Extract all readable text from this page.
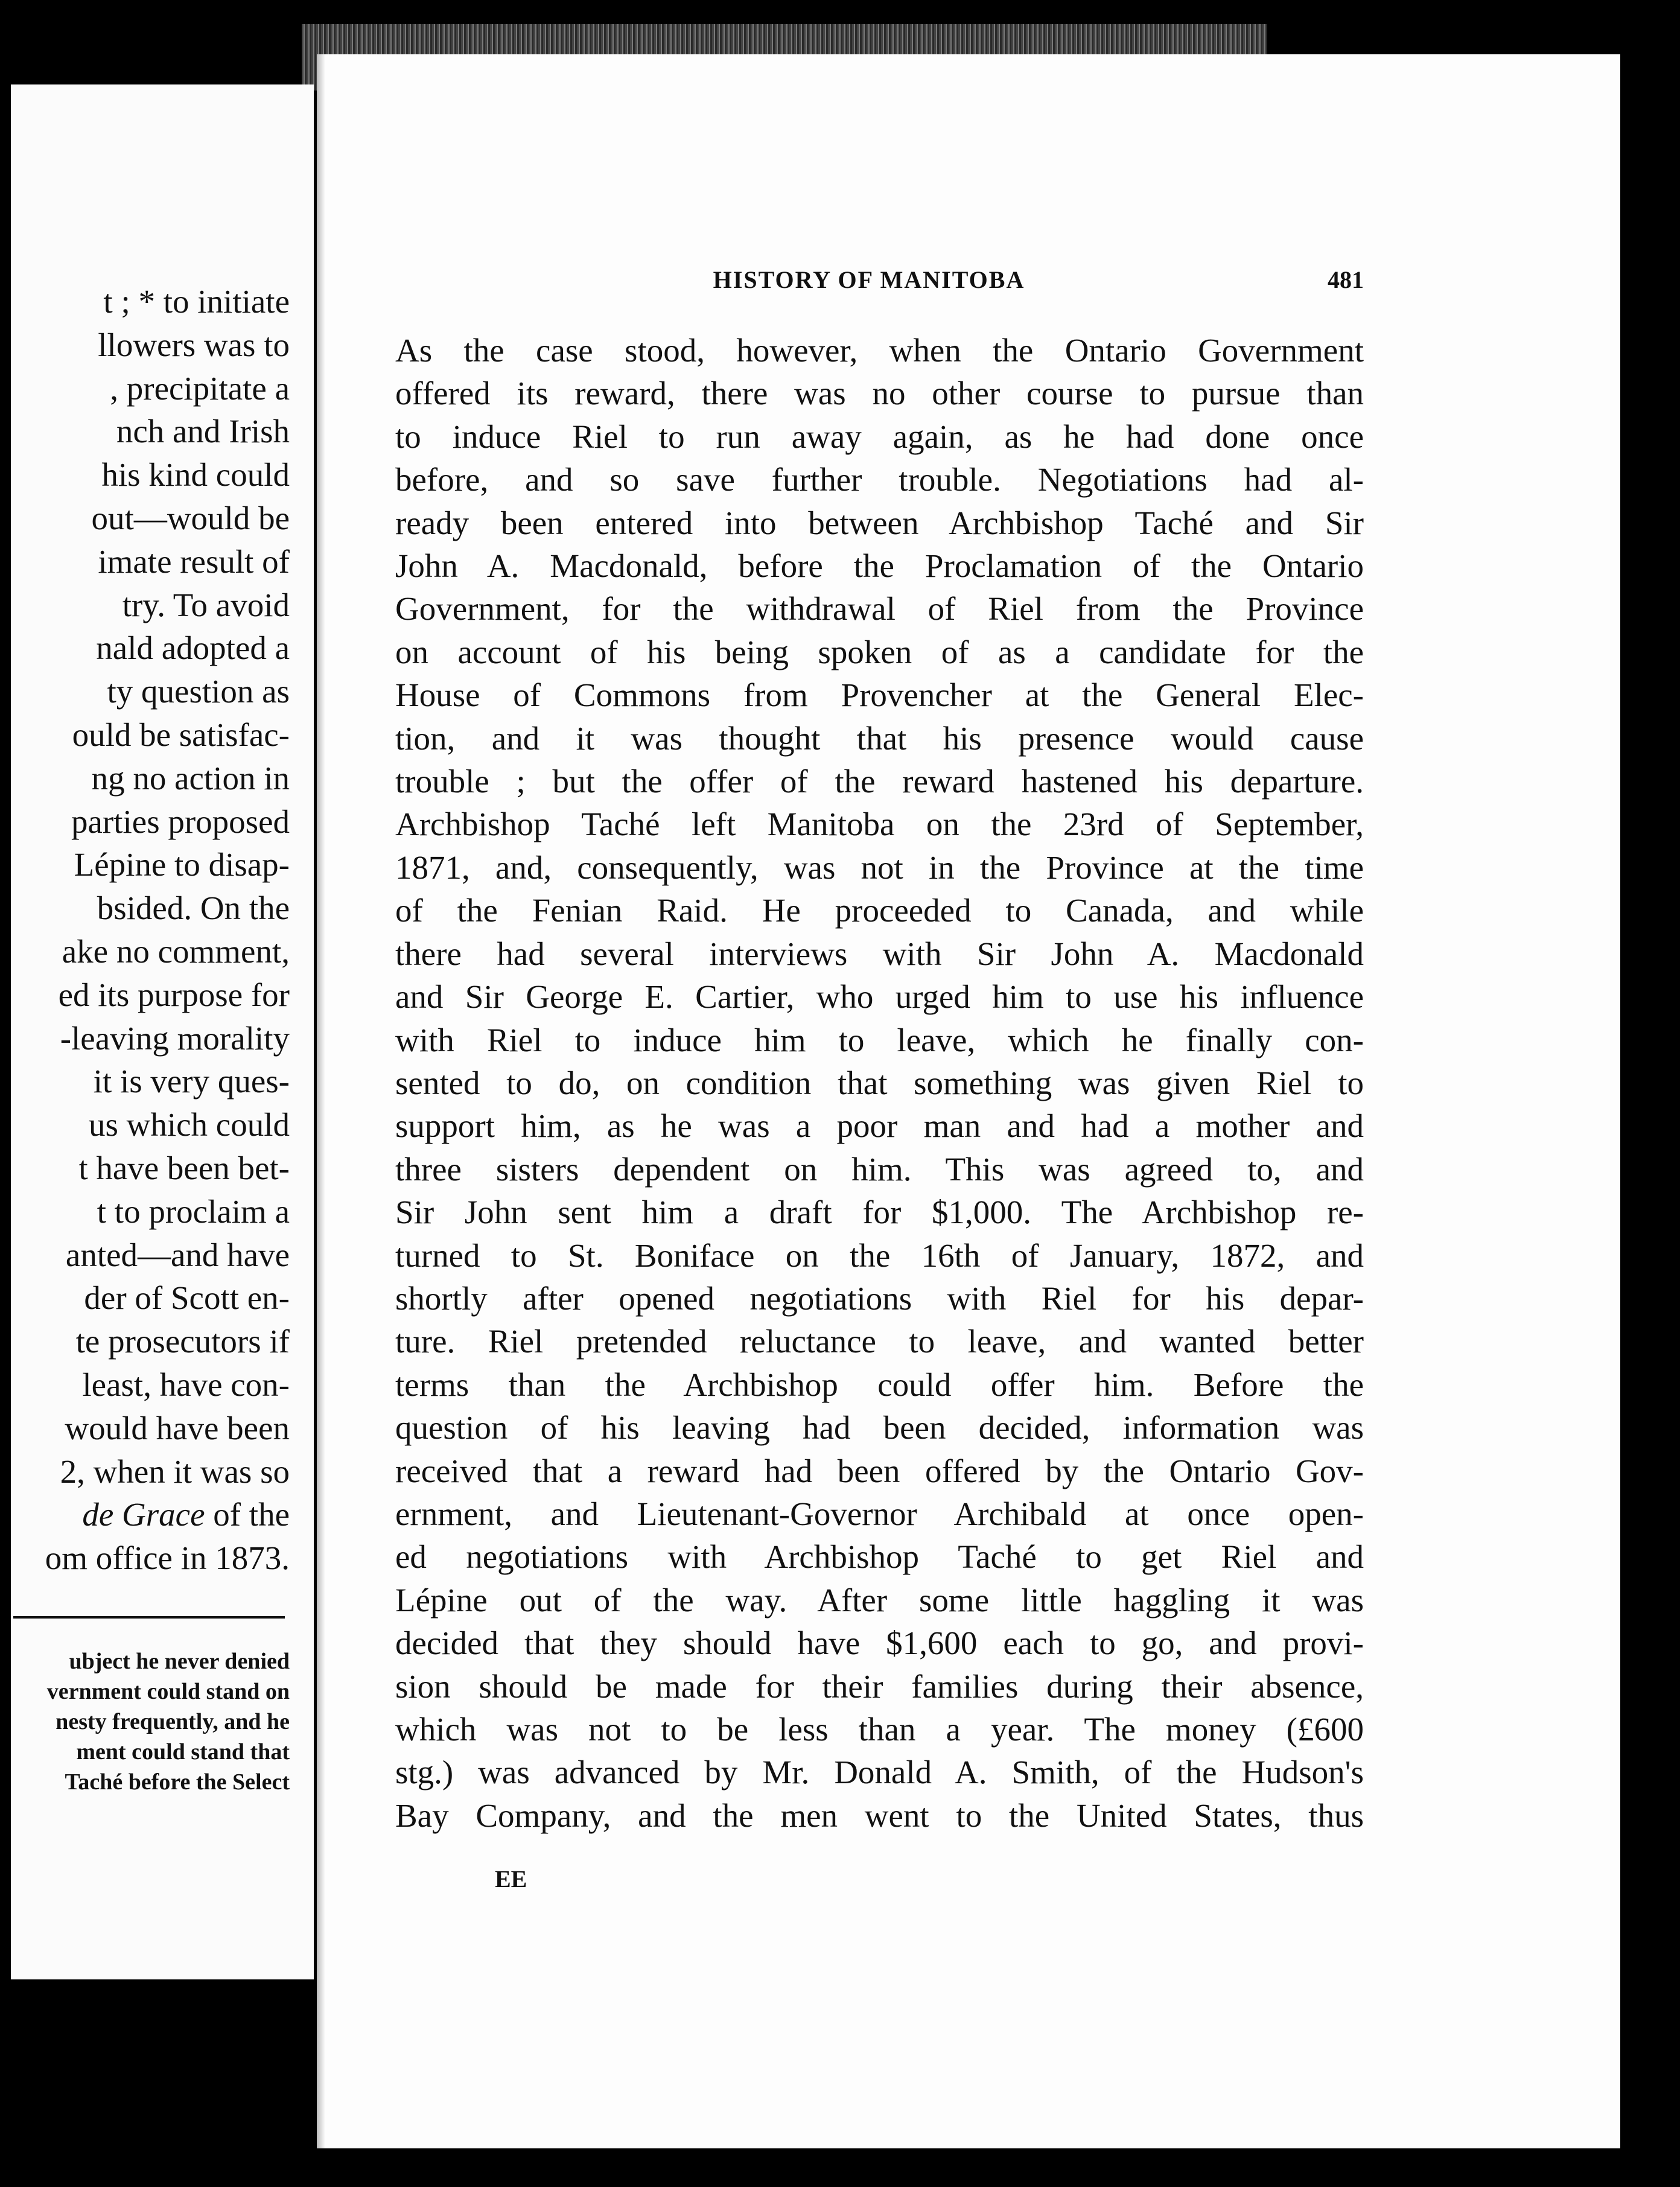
t ; * to initiate
llowers was to
, precipitate a
nch and Irish
his kind could
out—would be
imate result of
try. To avoid
nald adopted a
ty question as
ould be satisfac-
ng no action in
parties proposed
Lépine to disap-
bsided. On the
ake no comment,
ed its purpose for
-leaving morality
it is very ques-
us which could
t have been bet-
t to proclaim a
anted—and have
der of Scott en-
te prosecutors if
least, have con-
would have been
2, when it was so
de Grace of the
om office in 1873.
ubject he never denied
vernment could stand on
nesty frequently, and he
ment could stand that
Taché before the Select
HISTORY OF MANITOBA	481
As the case stood, however, when the Ontario Government
offered its reward, there was no other course to pursue than
to induce Riel to run away again, as he had done once
before, and so save further trouble. Negotiations had al-
ready been entered into between Archbishop Taché and Sir
John A. Macdonald, before the Proclamation of the Ontario
Government, for the withdrawal of Riel from the Province
on account of his being spoken of as a candidate for the
House of Commons from Provencher at the General Elec-
tion, and it was thought that his presence would cause
trouble ; but the offer of the reward hastened his departure.
Archbishop Taché left Manitoba on the 23rd of September,
1871, and, consequently, was not in the Province at the time
of the Fenian Raid. He proceeded to Canada, and while
there had several interviews with Sir John A. Macdonald
and Sir George E. Cartier, who urged him to use his influence
with Riel to induce him to leave, which he finally con-
sented to do, on condition that something was given Riel to
support him, as he was a poor man and had a mother and
three sisters dependent on him. This was agreed to, and
Sir John sent him a draft for $1,000. The Archbishop re-
turned to St. Boniface on the 16th of January, 1872, and
shortly after opened negotiations with Riel for his depar-
ture. Riel pretended reluctance to leave, and wanted better
terms than the Archbishop could offer him. Before the
question of his leaving had been decided, information was
received that a reward had been offered by the Ontario Gov-
ernment, and Lieutenant-Governor Archibald at once open-
ed negotiations with Archbishop Taché to get Riel and
Lépine out of the way. After some little haggling it was
decided that they should have $1,600 each to go, and provi-
sion should be made for their families during their absence,
which was not to be less than a year. The money (£600
stg.) was advanced by Mr. Donald A. Smith, of the Hudson's
Bay Company, and the men went to the United States, thus
EE
